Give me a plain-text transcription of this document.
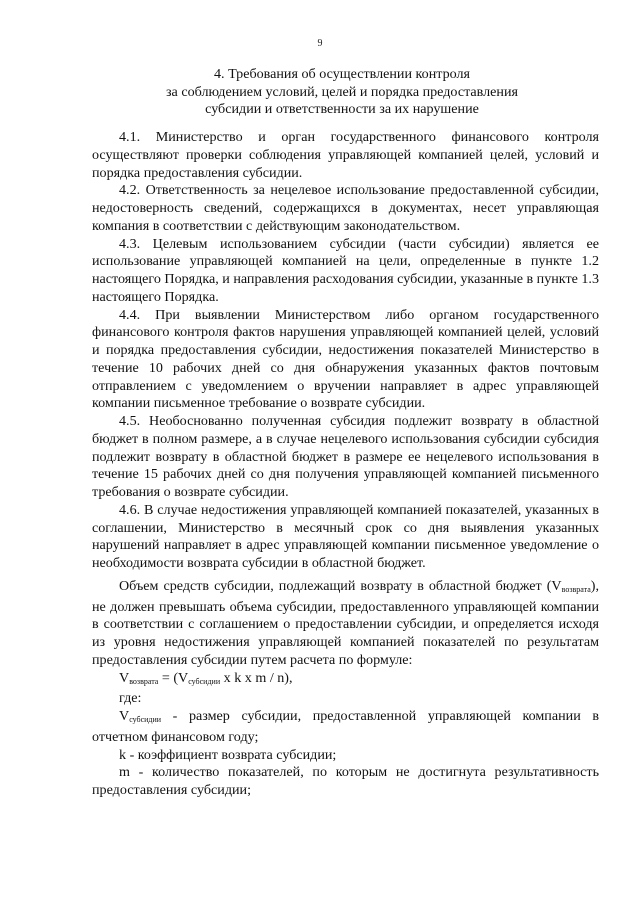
9
4. Требования об осуществлении контроля
за соблюдением условий, целей и порядка предоставления
субсидии и ответственности за их нарушение

4.1. Министерство и орган государственного финансового контроля осуществляют проверки соблюдения управляющей компанией целей, условий и порядка предоставления субсидии.

4.2. Ответственность за нецелевое использование предоставленной субсидии, недостоверность сведений, содержащихся в документах, несет управляющая компания в соответствии с действующим законодательством.

4.3. Целевым использованием субсидии (части субсидии) является ее использование управляющей компанией на цели, определенные в пункте 1.2 настоящего Порядка, и направления расходования субсидии, указанные в пункте 1.3 настоящего Порядка.

4.4. При выявлении Министерством либо органом государственного финансового контроля фактов нарушения управляющей компанией целей, условий и порядка предоставления субсидии, недостижения показателей Министерство в течение 10 рабочих дней со дня обнаружения указанных фактов почтовым отправлением с уведомлением о вручении направляет в адрес управляющей компании письменное требование о возврате субсидии.

4.5. Необоснованно полученная субсидия подлежит возврату в областной бюджет в полном размере, а в случае нецелевого использования субсидии субсидия подлежит возврату в областной бюджет в размере ее нецелевого использования в течение 15 рабочих дней со дня получения управляющей компанией письменного требования о возврате субсидии.

4.6. В случае недостижения управляющей компанией показателей, указанных в соглашении, Министерство в месячный срок со дня выявления указанных нарушений направляет в адрес управляющей компании письменное уведомление о необходимости возврата субсидии в областной бюджет.

Объем средств субсидии, подлежащий возврату в областной бюджет $(V_{возврата})$, не должен превышать объема субсидии, предоставленного управляющей компании в соответствии с соглашением о предоставлении субсидии, и определяется исходя из уровня недостижения управляющей компанией показателей по результатам предоставления субсидии путем расчета по формуле:

$V_{возврата} = (V_{субсидии}$ x k x m / n),

где:

$V_{субсидии}$ - размер субсидии, предоставленной управляющей компании в отчетном финансовом году;

k - коэффициент возврата субсидии;

m - количество показателей, по которым не достигнута результативность предоставления субсидии;
